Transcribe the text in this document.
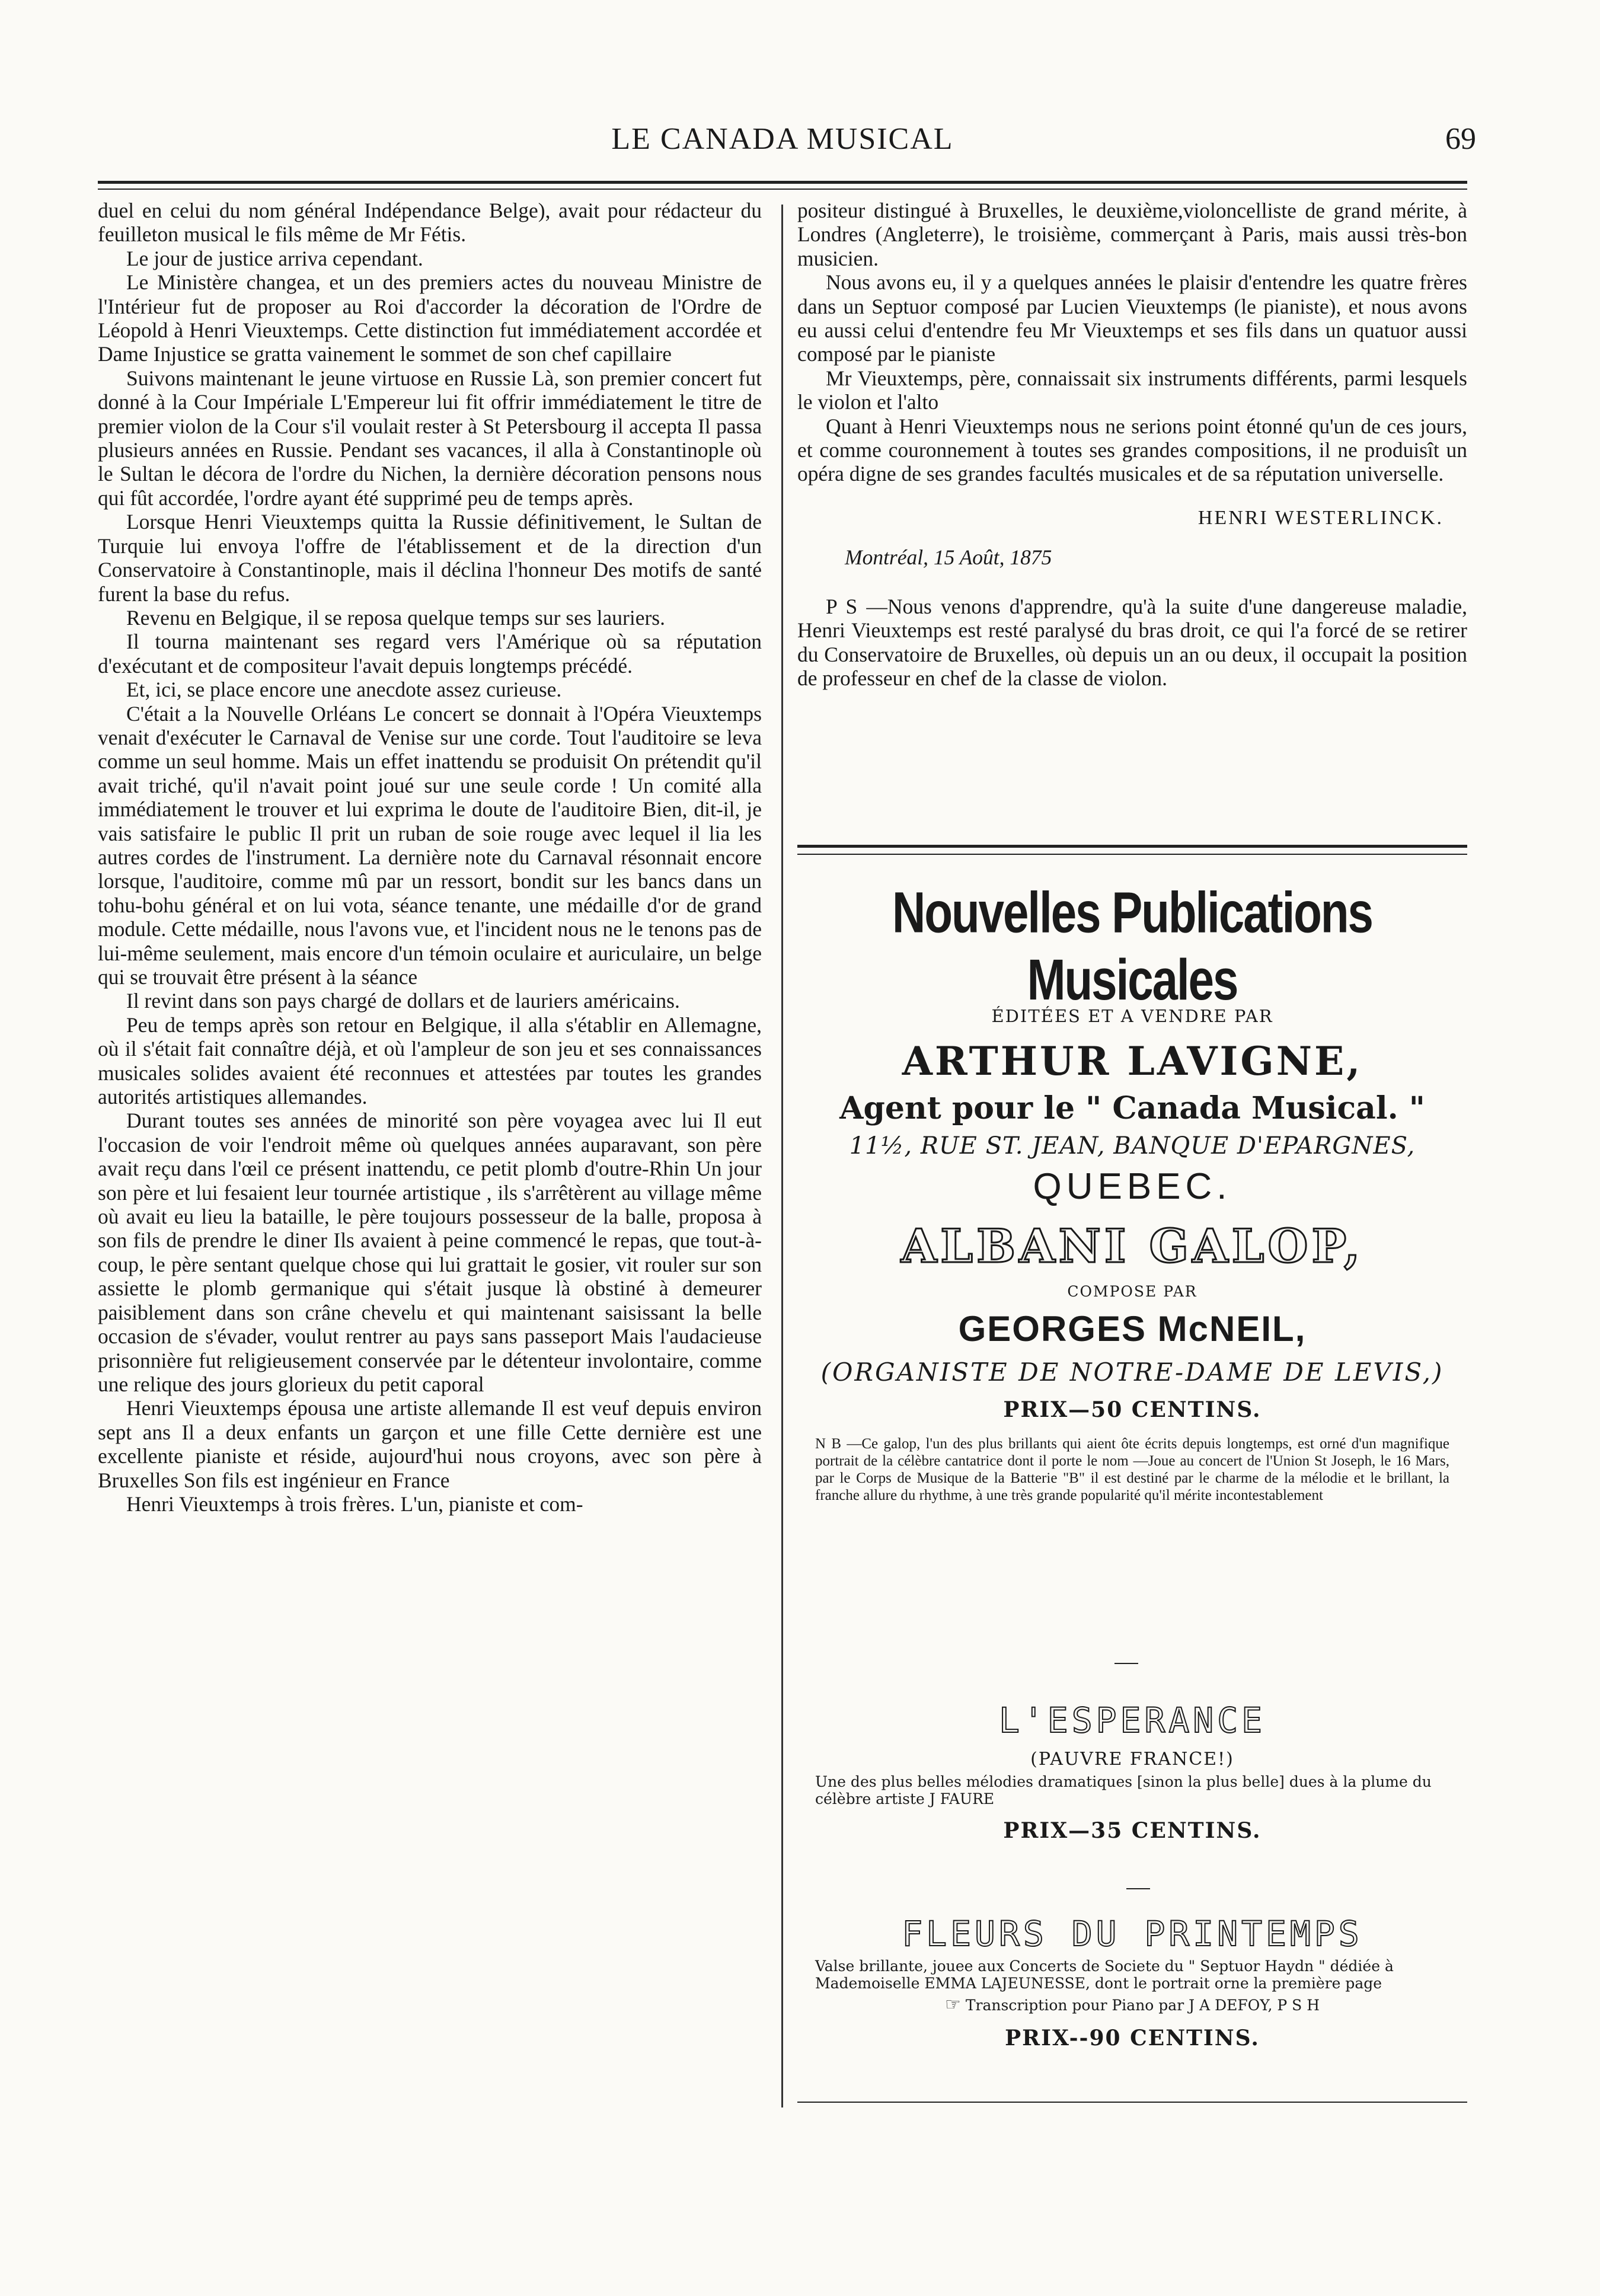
LE CANADA MUSICAL	69

duel en celui du nom général Indépendance Belge), avait pour rédacteur du feuilleton musical le fils même de Mr Fétis.

Le jour de justice arriva cependant.

Le Ministère changea, et un des premiers actes du nouveau Ministre de l'Intérieur fut de proposer au Roi d'accorder la décoration de l'Ordre de Léopold à Henri Vieuxtemps. Cette distinction fut immédiatement accordée et Dame Injustice se gratta vainement le sommet de son chef capillaire

Suivons maintenant le jeune virtuose en Russie Là, son premier concert fut donné à la Cour Impériale L'Empereur lui fit offrir immédiatement le titre de premier violon de la Cour s'il voulait rester à St Petersbourg il accepta Il passa plusieurs années en Russie. Pendant ses vacances, il alla à Constantinople où le Sultan le décora de l'ordre du Nichen, la dernière décoration pensons nous qui fût accordée, l'ordre ayant été supprimé peu de temps après.

Lorsque Henri Vieuxtemps quitta la Russie définitivement, le Sultan de Turquie lui envoya l'offre de l'établissement et de la direction d'un Conservatoire à Constantinople, mais il déclina l'honneur Des motifs de santé furent la base du refus.

Revenu en Belgique, il se reposa quelque temps sur ses lauriers.

Il tourna maintenant ses regard vers l'Amérique où sa réputation d'exécutant et de compositeur l'avait depuis longtemps précédé.

Et, ici, se place encore une anecdote assez curieuse.

C'était a la Nouvelle Orléans Le concert se donnait à l'Opéra Vieuxtemps venait d'exécuter le Carnaval de Venise sur une corde. Tout l'auditoire se leva comme un seul homme. Mais un effet inattendu se produisit On prétendit qu'il avait triché, qu'il n'avait point joué sur une seule corde ! Un comité alla immédiatement le trouver et lui exprima le doute de l'auditoire Bien, dit-il, je vais satisfaire le public Il prit un ruban de soie rouge avec lequel il lia les autres cordes de l'instrument. La dernière note du Carnaval résonnait encore lorsque, l'auditoire, comme mû par un ressort, bondit sur les bancs dans un tohu-bohu général et on lui vota, séance tenante, une médaille d'or de grand module. Cette médaille, nous l'avons vue, et l'incident nous ne le tenons pas de lui-même seulement, mais encore d'un témoin oculaire et auriculaire, un belge qui se trouvait être présent à la séance

Il revint dans son pays chargé de dollars et de lauriers américains.

Peu de temps après son retour en Belgique, il alla s'établir en Allemagne, où il s'était fait connaître déjà, et où l'ampleur de son jeu et ses connaissances musicales solides avaient été reconnues et attestées par toutes les grandes autorités artistiques allemandes.

Durant toutes ses années de minorité son père voyagea avec lui Il eut l'occasion de voir l'endroit même où quelques années auparavant, son père avait reçu dans l'œil ce présent inattendu, ce petit plomb d'outre-Rhin Un jour son père et lui fesaient leur tournée artistique , ils s'arrêtèrent au village même où avait eu lieu la bataille, le père toujours possesseur de la balle, proposa à son fils de prendre le diner Ils avaient à peine commencé le repas, que tout-à-coup, le père sentant quelque chose qui lui grattait le gosier, vit rouler sur son assiette le plomb germanique qui s'était jusque là obstiné à demeurer paisiblement dans son crâne chevelu et qui maintenant saisissant la belle occasion de s'évader, voulut rentrer au pays sans passeport Mais l'audacieuse prisonnière fut religieusement conservée par le détenteur involontaire, comme une relique des jours glorieux du petit caporal

Henri Vieuxtemps épousa une artiste allemande Il est veuf depuis environ sept ans Il a deux enfants un garçon et une fille Cette dernière est une excellente pianiste et réside, aujourd'hui nous croyons, avec son père à Bruxelles Son fils est ingénieur en France

Henri Vieuxtemps à trois frères. L'un, pianiste et com-

positeur distingué à Bruxelles, le deuxième,violoncelliste de grand mérite, à Londres (Angleterre), le troisième, commerçant à Paris, mais aussi très-bon musicien.

Nous avons eu, il y a quelques années le plaisir d'entendre les quatre frères dans un Septuor composé par Lucien Vieuxtemps (le pianiste), et nous avons eu aussi celui d'entendre feu Mr Vieuxtemps et ses fils dans un quatuor aussi composé par le pianiste

Mr Vieuxtemps, père, connaissait six instruments différents, parmi lesquels le violon et l'alto

Quant à Henri Vieuxtemps nous ne serions point étonné qu'un de ces jours, et comme couronnement à toutes ses grandes compositions, il ne produisît un opéra digne de ses grandes facultés musicales et de sa réputation universelle.

HENRI WESTERLINCK.
Montréal, 15 Août, 1875

P S —Nous venons d'apprendre, qu'à la suite d'une dangereuse maladie, Henri Vieuxtemps est resté paralysé du bras droit, ce qui l'a forcé de se retirer du Conservatoire de Bruxelles, où depuis un an ou deux, il occupait la position de professeur en chef de la classe de violon.

Nouvelles Publications Musicales
ÉDITÉES ET A VENDRE PAR
ARTHUR LAVIGNE,
Agent pour le " Canada Musical. "
11½, RUE ST. JEAN, BANQUE D'EPARGNES,
QUEBEC.
ALBANI GALOP,
COMPOSE PAR
GEORGES McNEIL,
(ORGANISTE DE NOTRE-DAME DE LEVIS,)
PRIX—50 CENTINS.
N B —Ce galop, l'un des plus brillants qui aient ôte écrits depuis longtemps, est orné d'un magnifique portrait de la célèbre cantatrice dont il porte le nom —Joue au concert de l'Union St Joseph, le 16 Mars, par le Corps de Musique de la Batterie "B" il est destiné par le charme de la mélodie et le brillant, la franche allure du rhythme, à une très grande popularité qu'il mérite incontestablement
L'ESPERANCE
(PAUVRE FRANCE!)
Une des plus belles mélodies dramatiques [sinon la plus belle] dues à la plume du célèbre artiste J FAURE
PRIX—35 CENTINS.
FLEURS DU PRINTEMPS
Valse brillante, jouee aux Concerts de Societe du " Septuor Haydn " dédiée à Mademoiselle EMMA LAJEUNESSE, dont le portrait orne la première page
☞ Transcription pour Piano par J A DEFOY, P S H
PRIX--90 CENTINS.
